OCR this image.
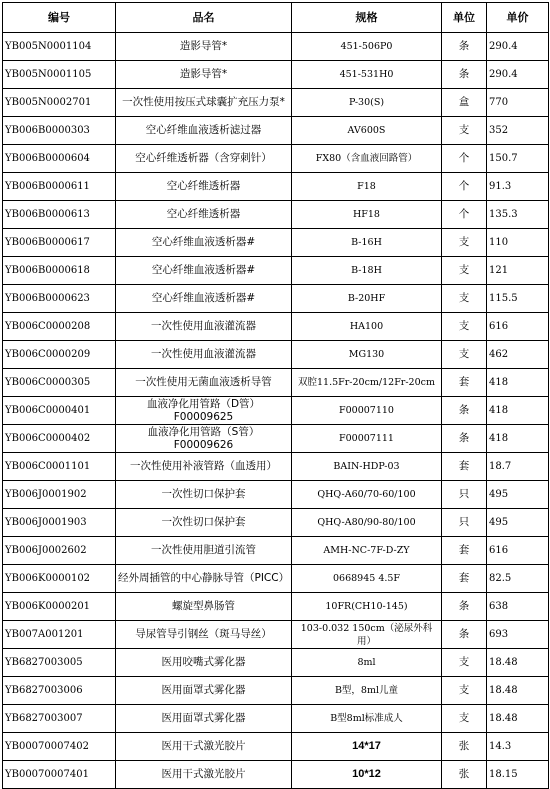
编号	品名	规格	单位	单价
YB005N0001104	造影导管*	451-506P0	条	290.4
YB005N0001105	造影导管*	451-531H0	条	290.4
YB005N0002701	一次性使用按压式球囊扩充压力泵*	P-30(S)	盒	770
YB006B0000303	空心纤维血液透析滤过器	AV600S	支	352
YB006B0000604	空心纤维透析器（含穿刺针）	FX80（含血液回路管）	个	150.7
YB006B0000611	空心纤维透析器	F18	个	91.3
YB006B0000613	空心纤维透析器	HF18	个	135.3
YB006B0000617	空心纤维血液透析器#	B-16H	支	110
YB006B0000618	空心纤维血液透析器#	B-18H	支	121
YB006B0000623	空心纤维血液透析器#	B-20HF	支	115.5
YB006C0000208	一次性使用血液灌流器	HA100	支	616
YB006C0000209	一次性使用血液灌流器	MG130	支	462
YB006C0000305	一次性使用无菌血液透析导管	双腔11.5Fr-20cm/12Fr-20cm	套	418
YB006C0000401	血液净化用管路（D管）F00009625	F00007110	条	418
YB006C0000402	血液净化用管路（S管）F00009626	F00007111	条	418
YB006C0001101	一次性使用补液管路（血透用）	BAIN-HDP-03	套	18.7
YB006J0001902	一次性切口保护套	QHQ-A60/70-60/100	只	495
YB006J0001903	一次性切口保护套	QHQ-A80/90-80/100	只	495
YB006J0002602	一次性使用胆道引流管	AMH-NC-7F-D-ZY	套	616
YB006K0000102	经外周插管的中心静脉导管（PICC）	0668945 4.5F	套	82.5
YB006K0000201	螺旋型鼻肠管	10FR(CH10-145)	条	638
YB007A001201	导尿管导引钢丝（斑马导丝）	103-0.032 150cm（泌尿外科用）	条	693
YB6827003005	医用咬嘴式雾化器	8ml	支	18.48
YB6827003006	医用面罩式雾化器	B型，8ml儿童	支	18.48
YB6827003007	医用面罩式雾化器	B型8ml标准成人	支	18.48
YB00070007402	医用干式激光胶片	14*17	张	14.3
YB00070007401	医用干式激光胶片	10*12	张	18.15
